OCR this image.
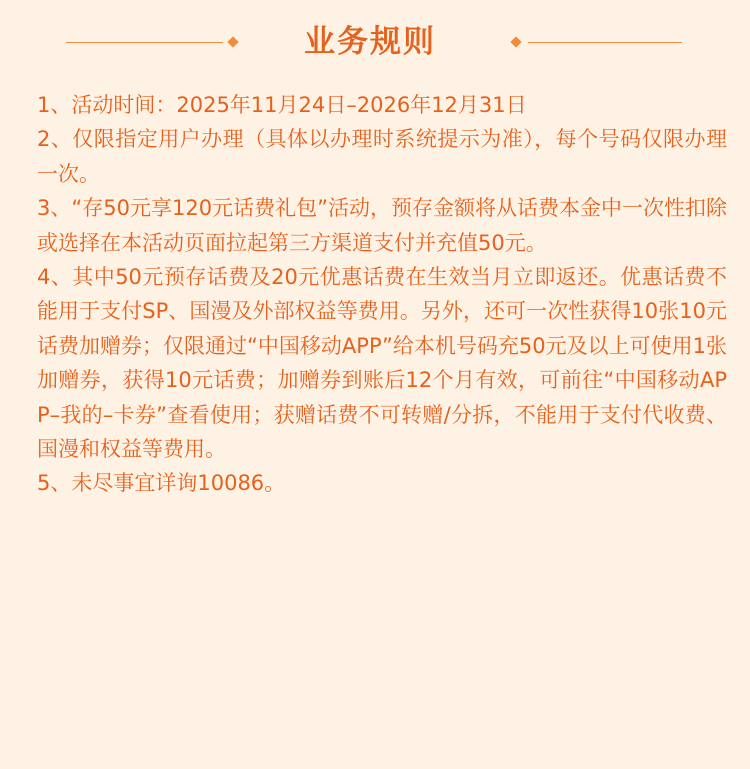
业务规则
1、活动时间：2025年11月24日–2026年12月31日
2、仅限指定用户办理（具体以办理时系统提示为准），每个号码仅限办理一次。
3、“存50元享120元话费礼包”活动，预存金额将从话费本金中一次性扣除或选择在本活动页面拉起第三方渠道支付并充值50元。
4、其中50元预存话费及20元优惠话费在生效当月立即返还。优惠话费不能用于支付SP、国漫及外部权益等费用。另外，还可一次性获得10张10元话费加赠券；仅限通过“中国移动APP”给本机号码充50元及以上可使用1张加赠券，获得10元话费；加赠券到账后12个月有效，可前往“中国移动APP–我的–卡券”查看使用；获赠话费不可转赠/分拆，不能用于支付代收费、国漫和权益等费用。
5、未尽事宜详询10086。
